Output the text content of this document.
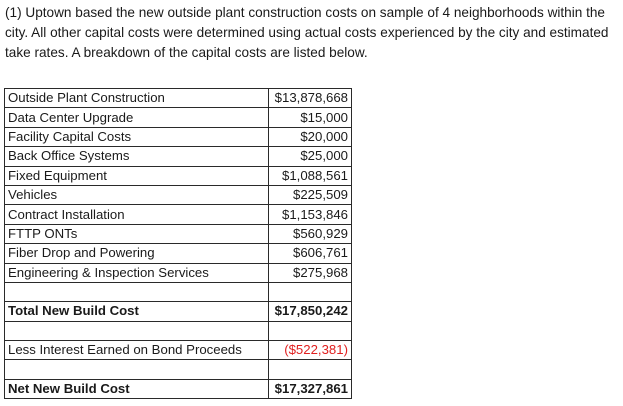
(1) Uptown based the new outside plant construction costs on sample of 4 neighborhoods within the city. All other capital costs were determined using actual costs experienced by the city and estimated take rates. A breakdown of the capital costs are listed below.

Outside Plant Construction	$13,878,668
Data Center Upgrade	$15,000
Facility Capital Costs	$20,000
Back Office Systems	$25,000
Fixed Equipment	$1,088,561
Vehicles	$225,509
Contract Installation	$1,153,846
FTTP ONTs	$560,929
Fiber Drop and Powering	$606,761
Engineering & Inspection Services	$275,968

Total New Build Cost	$17,850,242

Less Interest Earned on Bond Proceeds	($522,381)

Net New Build Cost	$17,327,861
